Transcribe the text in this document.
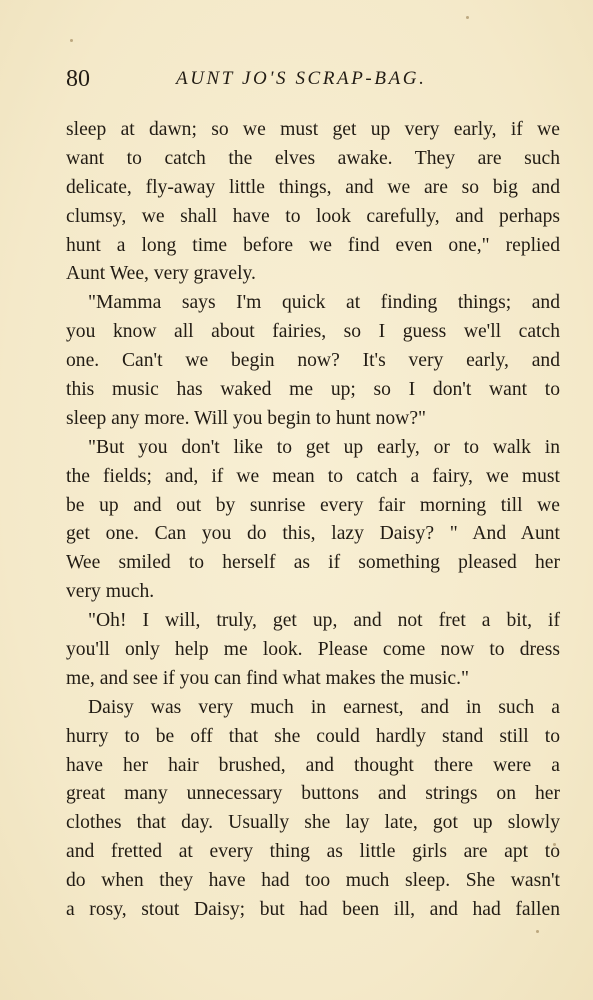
80	AUNT JO'S SCRAP-BAG.
sleep at dawn; so we must get up very early, if we
want to catch the elves awake. They are such
delicate, fly-away little things, and we are so big and
clumsy, we shall have to look carefully, and perhaps
hunt a long time before we find even one," replied
Aunt Wee, very gravely.
"Mamma says I'm quick at finding things; and
you know all about fairies, so I guess we'll catch
one. Can't we begin now? It's very early, and
this music has waked me up; so I don't want to
sleep any more. Will you begin to hunt now?"
"But you don't like to get up early, or to walk in
the fields; and, if we mean to catch a fairy, we must
be up and out by sunrise every fair morning till we
get one. Can you do this, lazy Daisy? " And Aunt
Wee smiled to herself as if something pleased her
very much.
"Oh! I will, truly, get up, and not fret a bit, if
you'll only help me look. Please come now to dress
me, and see if you can find what makes the music."
Daisy was very much in earnest, and in such a
hurry to be off that she could hardly stand still to
have her hair brushed, and thought there were a
great many unnecessary buttons and strings on her
clothes that day. Usually she lay late, got up slowly
and fretted at every thing as little girls are apt to
do when they have had too much sleep. She wasn't
a rosy, stout Daisy; but had been ill, and had fallen
